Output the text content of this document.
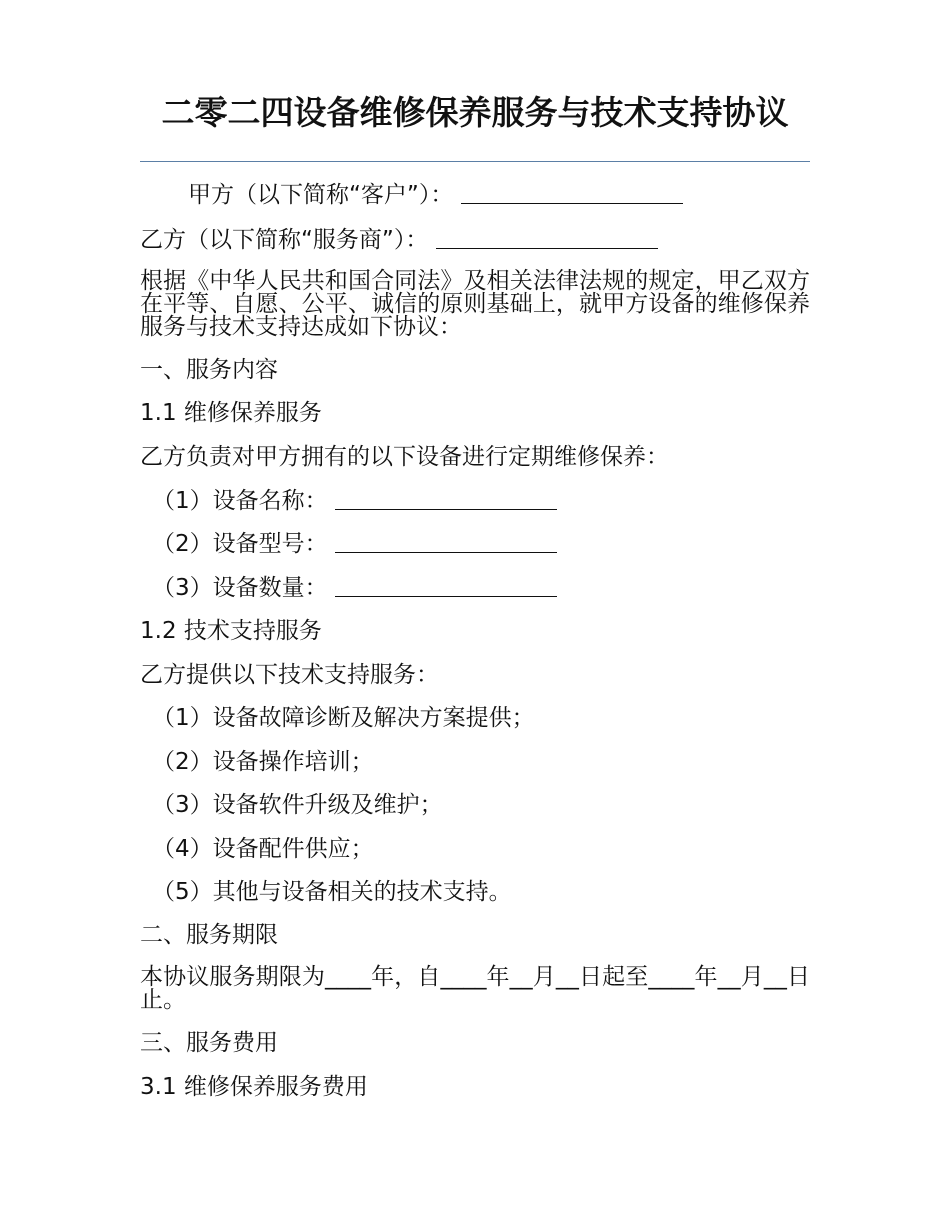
二零二四设备维修保养服务与技术支持协议

甲方（以下简称“客户”）：

乙方（以下简称“服务商”）：

根据《中华人民共和国合同法》及相关法律法规的规定，甲乙双方在平等、自愿、公平、诚信的原则基础上，就甲方设备的维修保养服务与技术支持达成如下协议：

一、服务内容

1.1 维修保养服务

乙方负责对甲方拥有的以下设备进行定期维修保养：

（1）设备名称：

（2）设备型号：

（3）设备数量：

1.2 技术支持服务

乙方提供以下技术支持服务：

（1）设备故障诊断及解决方案提供；

（2）设备操作培训；

（3）设备软件升级及维护；

（4）设备配件供应；

（5）其他与设备相关的技术支持。

二、服务期限

本协议服务期限为____年，自____年__月__日起至____年__月__日止。

三、服务费用

3.1 维修保养服务费用
